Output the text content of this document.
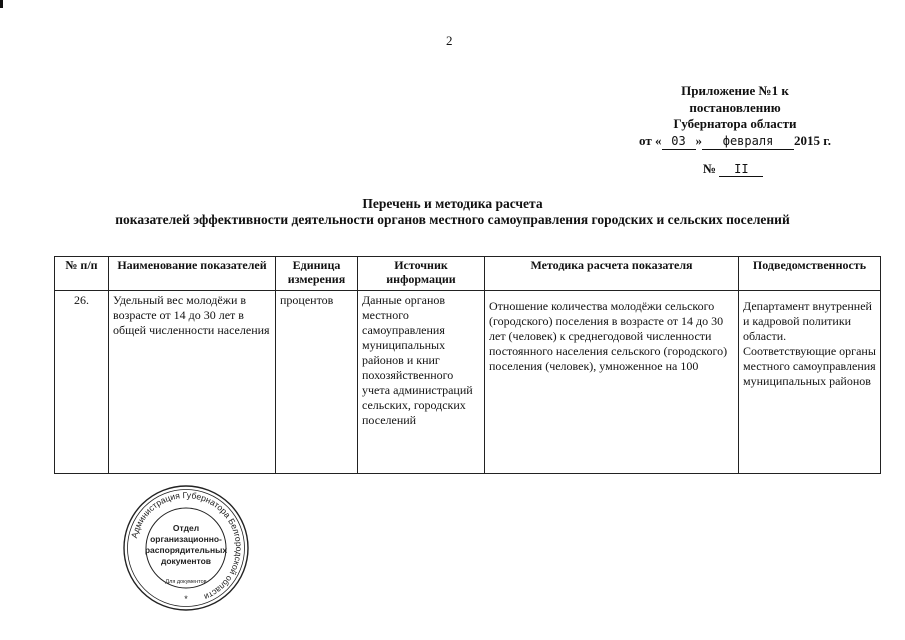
2
Приложение №1 к
постановлению
Губернатора области
от « 03 » февраля 2015 г.
№ II
Перечень и методика расчета
показателей эффективности деятельности органов местного самоуправления городских и сельских поселений
№ п/п	Наименование показателей	Единица измерения	Источник информации	Методика расчета показателя	Подведомственность
26.	Удельный вес молодёжи в возрасте от 14 до 30 лет в общей численности населения	процентов	Данные органов местного самоуправления муниципальных районов и книг похозяйственного учета администраций сельских, городских поселений	Отношение количества молодёжи сельского (городского) поселения в возрасте от 14 до 30 лет (человек) к среднегодовой численности постоянного населения сельского (городского) поселения (человек), умноженное на 100	Департамент внутренней и кадровой политики области. Соответствующие органы местного самоуправления муниципальных районов
Администрация Губернатора Белгородской области
Отдел
организационно-
распорядительных
документов
Для документов
*
